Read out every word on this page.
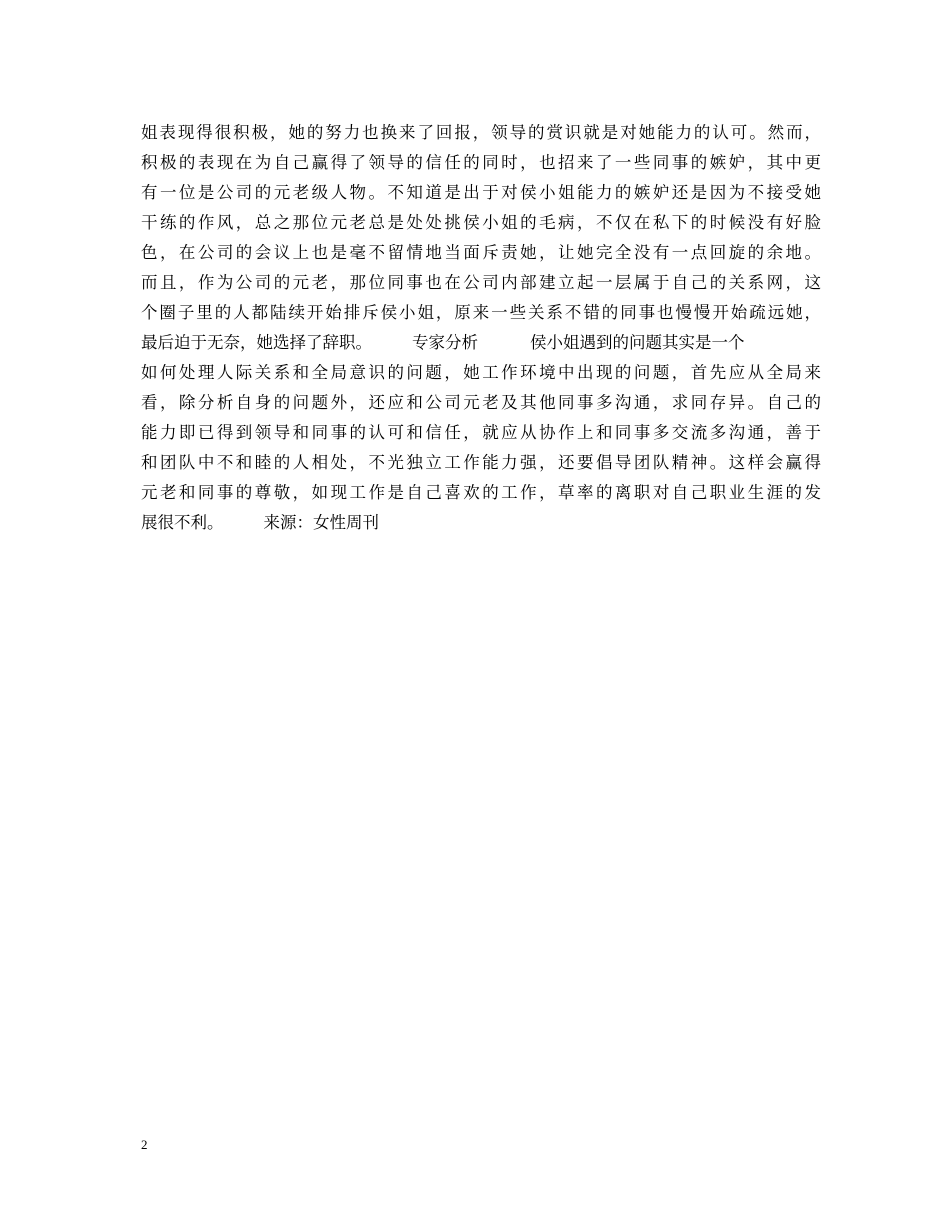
姐表现得很积极，她的努力也换来了回报，领导的赏识就是对她能力的认可。然而，
积极的表现在为自己赢得了领导的信任的同时，也招来了一些同事的嫉妒，其中更
有一位是公司的元老级人物。不知道是出于对侯小姐能力的嫉妒还是因为不接受她
干练的作风，总之那位元老总是处处挑侯小姐的毛病，不仅在私下的时候没有好脸
色，在公司的会议上也是毫不留情地当面斥责她，让她完全没有一点回旋的余地。
而且，作为公司的元老，那位同事也在公司内部建立起一层属于自己的关系网，这
个圈子里的人都陆续开始排斥侯小姐，原来一些关系不错的同事也慢慢开始疏远她，
最后迫于无奈，她选择了辞职。 专家分析	侯小姐遇到的问题其实是一个
如何处理人际关系和全局意识的问题，她工作环境中出现的问题，首先应从全局来
看，除分析自身的问题外，还应和公司元老及其他同事多沟通，求同存异。自己的
能力即已得到领导和同事的认可和信任，就应从协作上和同事多交流多沟通，善于
和团队中不和睦的人相处，不光独立工作能力强，还要倡导团队精神。这样会赢得
元老和同事的尊敬，如现工作是自己喜欢的工作，草率的离职对自己职业生涯的发
展很不利。 来源：女性周刊
2
